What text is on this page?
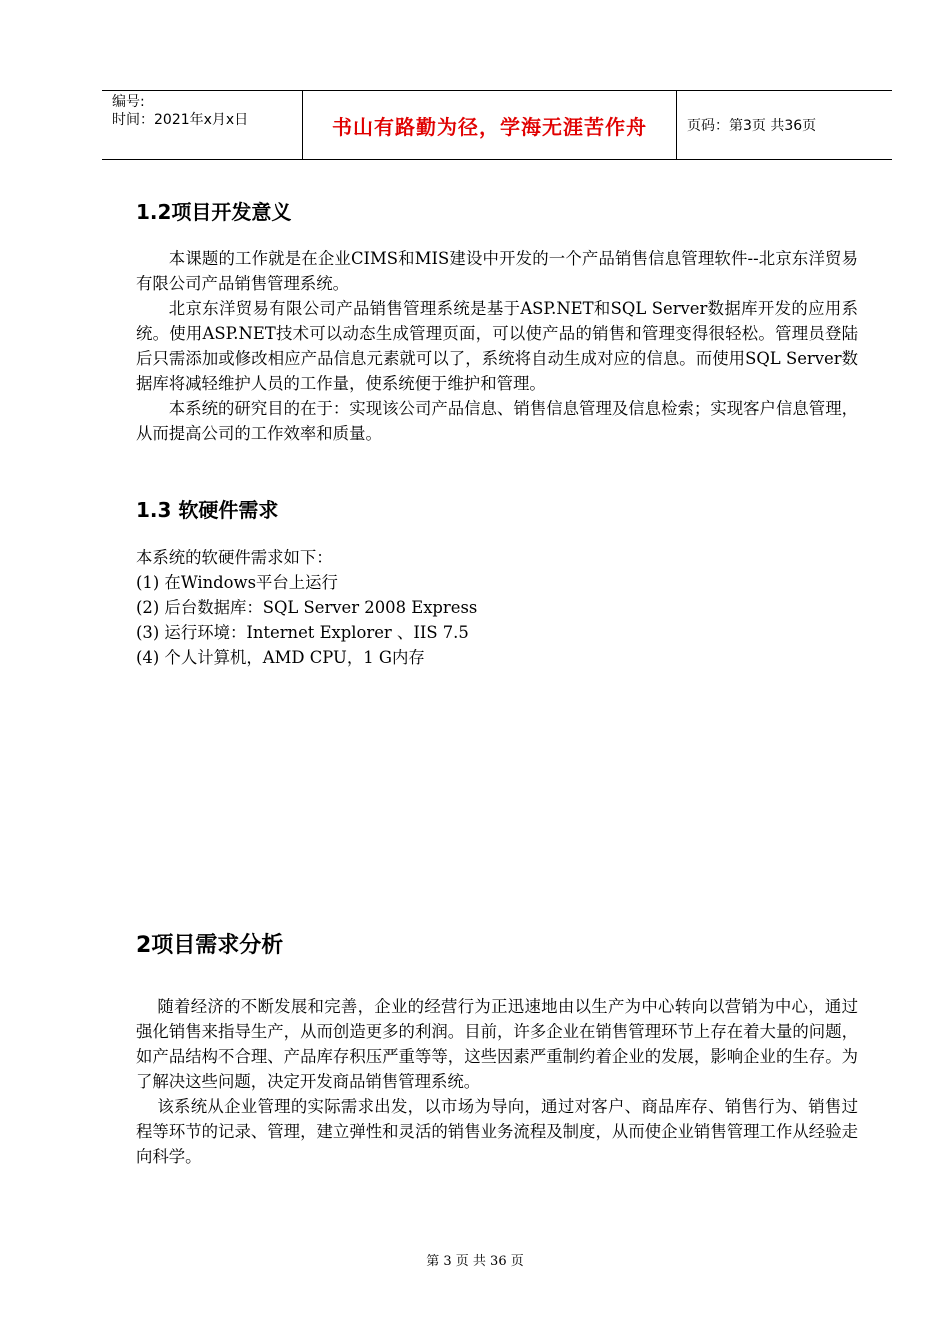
编号:
时间：2021年x月x日	书山有路勤为径，学海无涯苦作舟	页码：第3页 共36页
1.2项目开发意义

本课题的工作就是在企业CIMS和MIS建设中开发的一个产品销售信息管理软件--北京东洋贸易有限公司产品销售管理系统。

北京东洋贸易有限公司产品销售管理系统是基于ASP.NET和SQL Server数据库开发的应用系统。使用ASP.NET技术可以动态生成管理页面，可以使产品的销售和管理变得很轻松。管理员登陆后只需添加或修改相应产品信息元素就可以了，系统将自动生成对应的信息。而使用SQL Server数据库将减轻维护人员的工作量，使系统便于维护和管理。

本系统的研究目的在于：实现该公司产品信息、销售信息管理及信息检索；实现客户信息管理，从而提高公司的工作效率和质量。

1.3 软硬件需求
本系统的软硬件需求如下：
(1) 在Windows平台上运行
(2) 后台数据库：SQL Server 2008 Express
(3) 运行环境：Internet Explorer 、IIS 7.5
(4) 个人计算机，AMD CPU，1 G内存
2项目需求分析

随着经济的不断发展和完善，企业的经营行为正迅速地由以生产为中心转向以营销为中心，通过强化销售来指导生产，从而创造更多的利润。目前，许多企业在销售管理环节上存在着大量的问题，如产品结构不合理、产品库存积压严重等等，这些因素严重制约着企业的发展，影响企业的生存。为了解决这些问题，决定开发商品销售管理系统。

该系统从企业管理的实际需求出发，以市场为导向，通过对客户、商品库存、销售行为、销售过程等环节的记录、管理，建立弹性和灵活的销售业务流程及制度，从而使企业销售管理工作从经验走向科学。

第 3 页 共 36 页
